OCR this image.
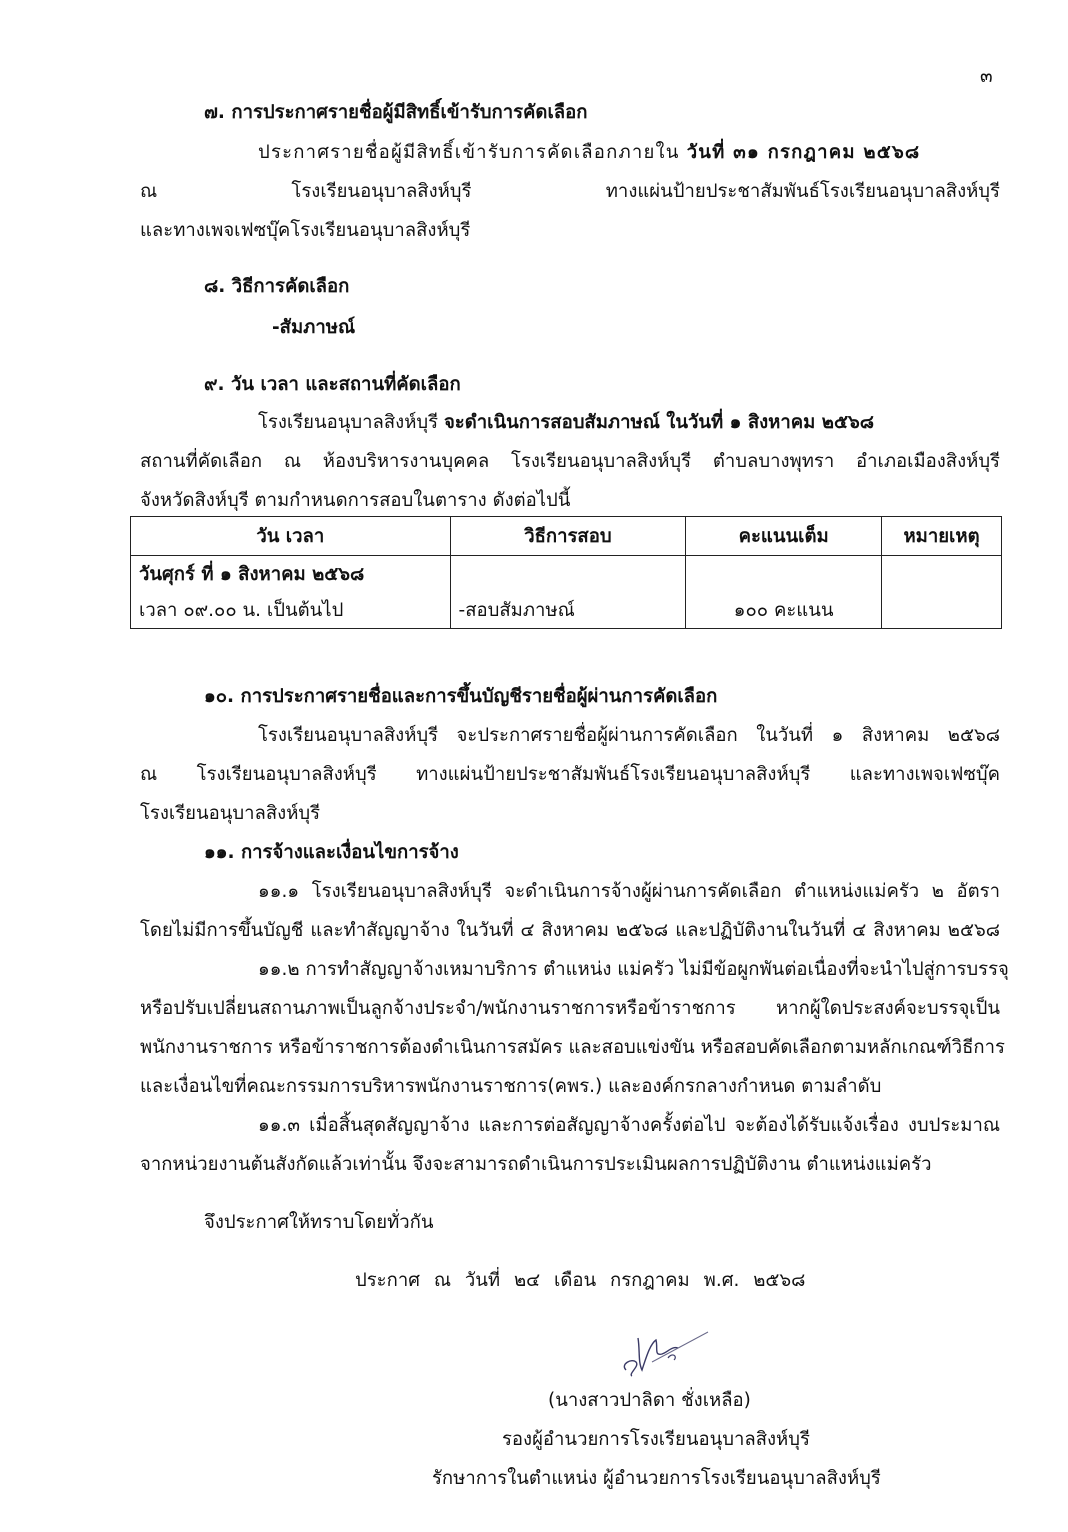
๓
๗. การประกาศรายชื่อผู้มีสิทธิ์เข้ารับการคัดเลือก
ประกาศรายชื่อผู้มีสิทธิ์เข้ารับการคัดเลือกภายใน วันที่ ๓๑ กรกฎาคม ๒๕๖๘
ณ โรงเรียนอนุบาลสิงห์บุรี ทางแผ่นป้ายประชาสัมพันธ์โรงเรียนอนุบาลสิงห์บุรี
และทางเพจเฟซบุ๊คโรงเรียนอนุบาลสิงห์บุรี
๘. วิธีการคัดเลือก
-สัมภาษณ์
๙. วัน เวลา และสถานที่คัดเลือก
โรงเรียนอนุบาลสิงห์บุรี จะดำเนินการสอบสัมภาษณ์ ในวันที่ ๑ สิงหาคม ๒๕๖๘
สถานที่คัดเลือก ณ ห้องบริหารงานบุคคล โรงเรียนอนุบาลสิงห์บุรี ตำบลบางพุทรา อำเภอเมืองสิงห์บุรี
จังหวัดสิงห์บุรี ตามกำหนดการสอบในตาราง ดังต่อไปนี้
วัน เวลา	วิธีการสอบ	คะแนนเต็ม	หมายเหตุ
วันศุกร์ ที่ ๑ สิงหาคม ๒๕๖๘			
เวลา ๐๙.๐๐ น. เป็นต้นไป	-สอบสัมภาษณ์	๑๐๐ คะแนน	
๑๐. การประกาศรายชื่อและการขึ้นบัญชีรายชื่อผู้ผ่านการคัดเลือก
โรงเรียนอนุบาลสิงห์บุรี จะประกาศรายชื่อผู้ผ่านการคัดเลือก ในวันที่ ๑ สิงหาคม ๒๕๖๘
ณ โรงเรียนอนุบาลสิงห์บุรี ทางแผ่นป้ายประชาสัมพันธ์โรงเรียนอนุบาลสิงห์บุรี และทางเพจเฟซบุ๊ค
โรงเรียนอนุบาลสิงห์บุรี
๑๑. การจ้างและเงื่อนไขการจ้าง
๑๑.๑ โรงเรียนอนุบาลสิงห์บุรี จะดำเนินการจ้างผู้ผ่านการคัดเลือก ตำแหน่งแม่ครัว ๒ อัตรา
โดยไม่มีการขึ้นบัญชี และทำสัญญาจ้าง ในวันที่ ๔ สิงหาคม ๒๕๖๘ และปฏิบัติงานในวันที่ ๔ สิงหาคม ๒๕๖๘
๑๑.๒ การทำสัญญาจ้างเหมาบริการ ตำแหน่ง แม่ครัว ไม่มีข้อผูกพันต่อเนื่องที่จะนำไปสู่การบรรจุ
หรือปรับเปลี่ยนสถานภาพเป็นลูกจ้างประจำ/พนักงานราชการหรือข้าราชการ หากผู้ใดประสงค์จะบรรจุเป็น
พนักงานราชการ หรือข้าราชการต้องดำเนินการสมัคร และสอบแข่งขัน หรือสอบคัดเลือกตามหลักเกณฑ์วิธีการ
และเงื่อนไขที่คณะกรรมการบริหารพนักงานราชการ(คพร.) และองค์กรกลางกำหนด ตามลำดับ
๑๑.๓ เมื่อสิ้นสุดสัญญาจ้าง และการต่อสัญญาจ้างครั้งต่อไป จะต้องได้รับแจ้งเรื่อง งบประมาณ
จากหน่วยงานต้นสังกัดแล้วเท่านั้น จึงจะสามารถดำเนินการประเมินผลการปฏิบัติงาน ตำแหน่งแม่ครัว
จึงประกาศให้ทราบโดยทั่วกัน
ประกาศ ณ วันที่ ๒๔ เดือน กรกฎาคม พ.ศ. ๒๕๖๘
(นางสาวปาลิดา ชั่งเหลือ)
รองผู้อำนวยการโรงเรียนอนุบาลสิงห์บุรี
รักษาการในตำแหน่ง ผู้อำนวยการโรงเรียนอนุบาลสิงห์บุรี
